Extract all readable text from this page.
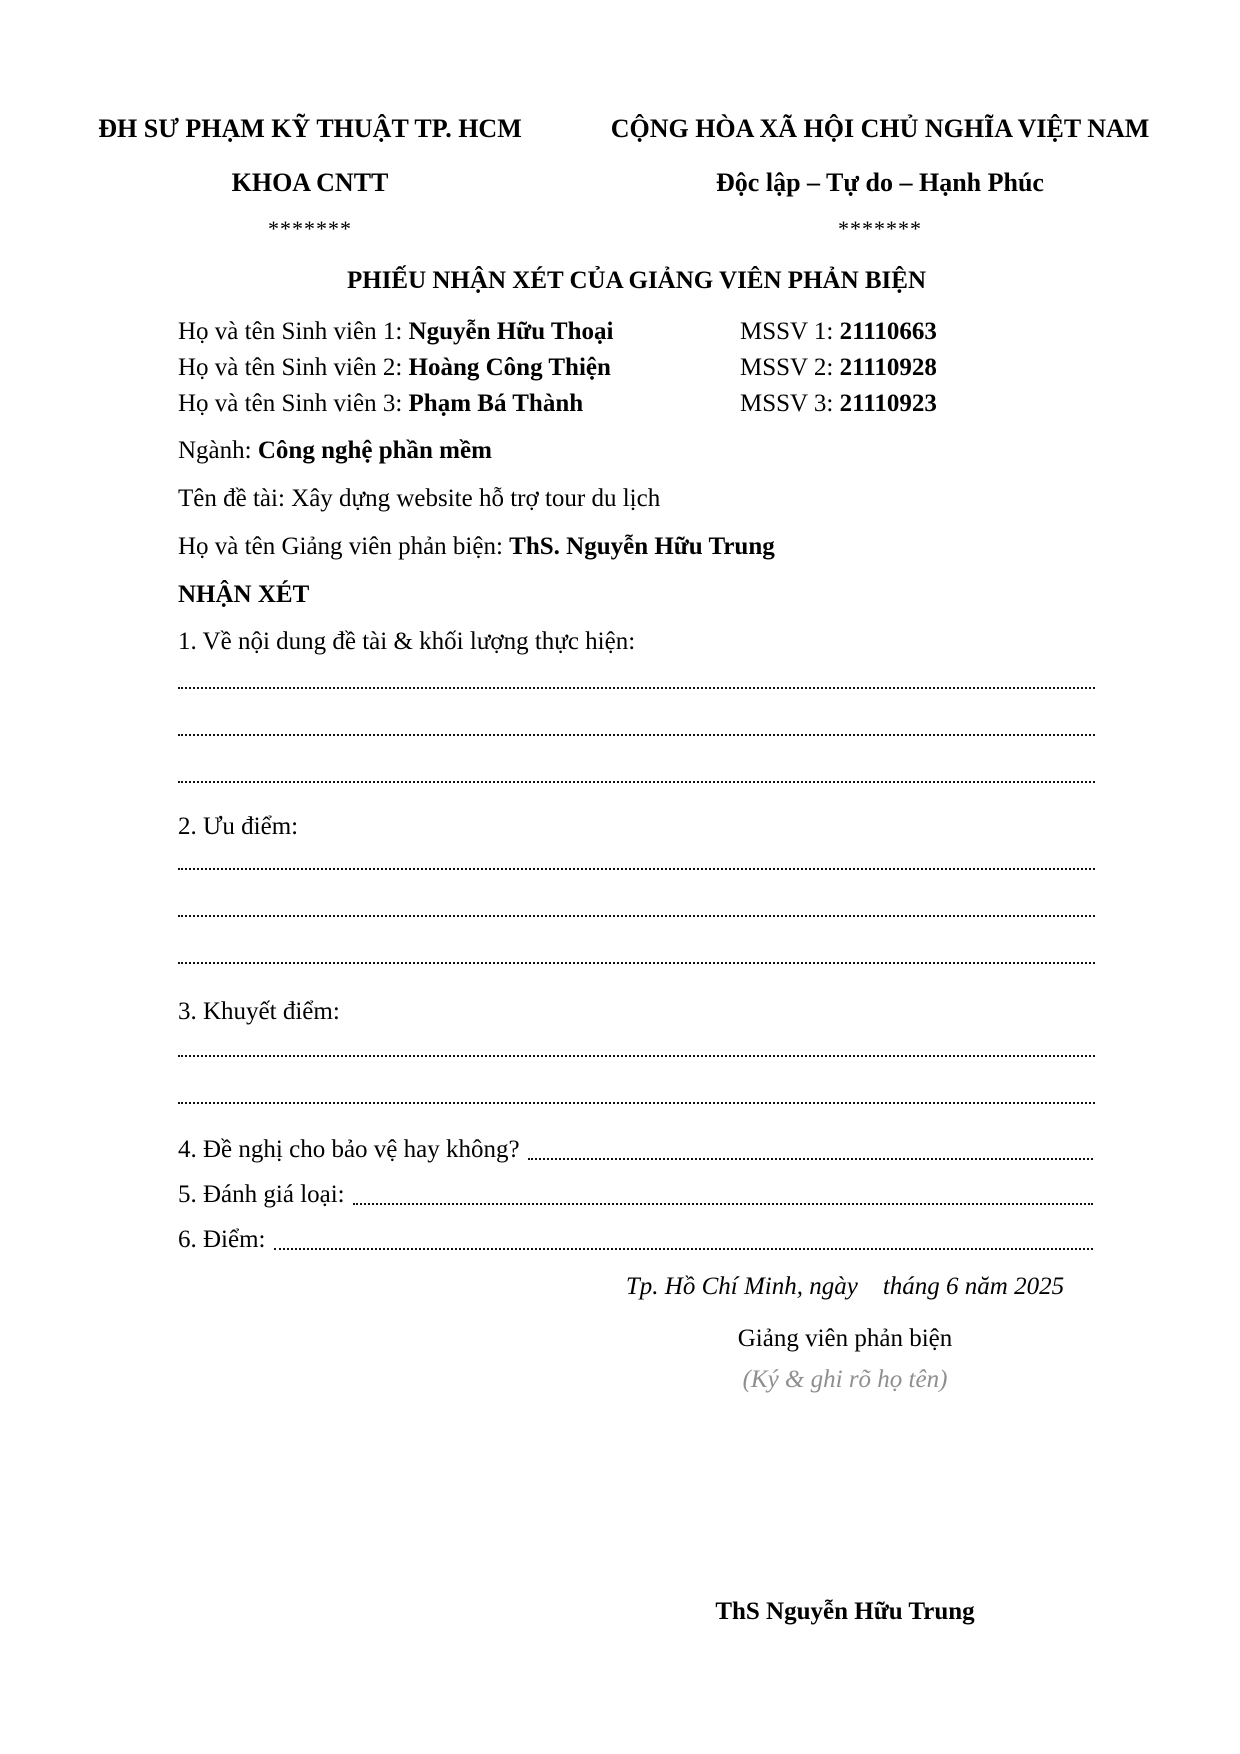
ĐH SƯ PHẠM KỸ THUẬT TP. HCM
KHOA CNTT
*******
CỘNG HÒA XÃ HỘI CHỦ NGHĨA VIỆT NAM
Độc lập – Tự do – Hạnh Phúc
*******
PHIẾU NHẬN XÉT CỦA GIẢNG VIÊN PHẢN BIỆN
Họ và tên Sinh viên 1: Nguyễn Hữu Thoại	MSSV 1: 21110663
Họ và tên Sinh viên 2: Hoàng Công Thiện	MSSV 2: 21110928
Họ và tên Sinh viên 3: Phạm Bá Thành	MSSV 3: 21110923
Ngành: Công nghệ phần mềm
Tên đề tài: Xây dựng website hỗ trợ tour du lịch
Họ và tên Giảng viên phản biện: ThS. Nguyễn Hữu Trung
NHẬN XÉT
1. Về nội dung đề tài & khối lượng thực hiện:
2. Ưu điểm:
3. Khuyết điểm:
4. Đề nghị cho bảo vệ hay không?
5. Đánh giá loại:
6. Điểm:
Tp. Hồ Chí Minh, ngày    tháng 6 năm 2025
Giảng viên phản biện
(Ký & ghi rõ họ tên)
ThS Nguyễn Hữu Trung
